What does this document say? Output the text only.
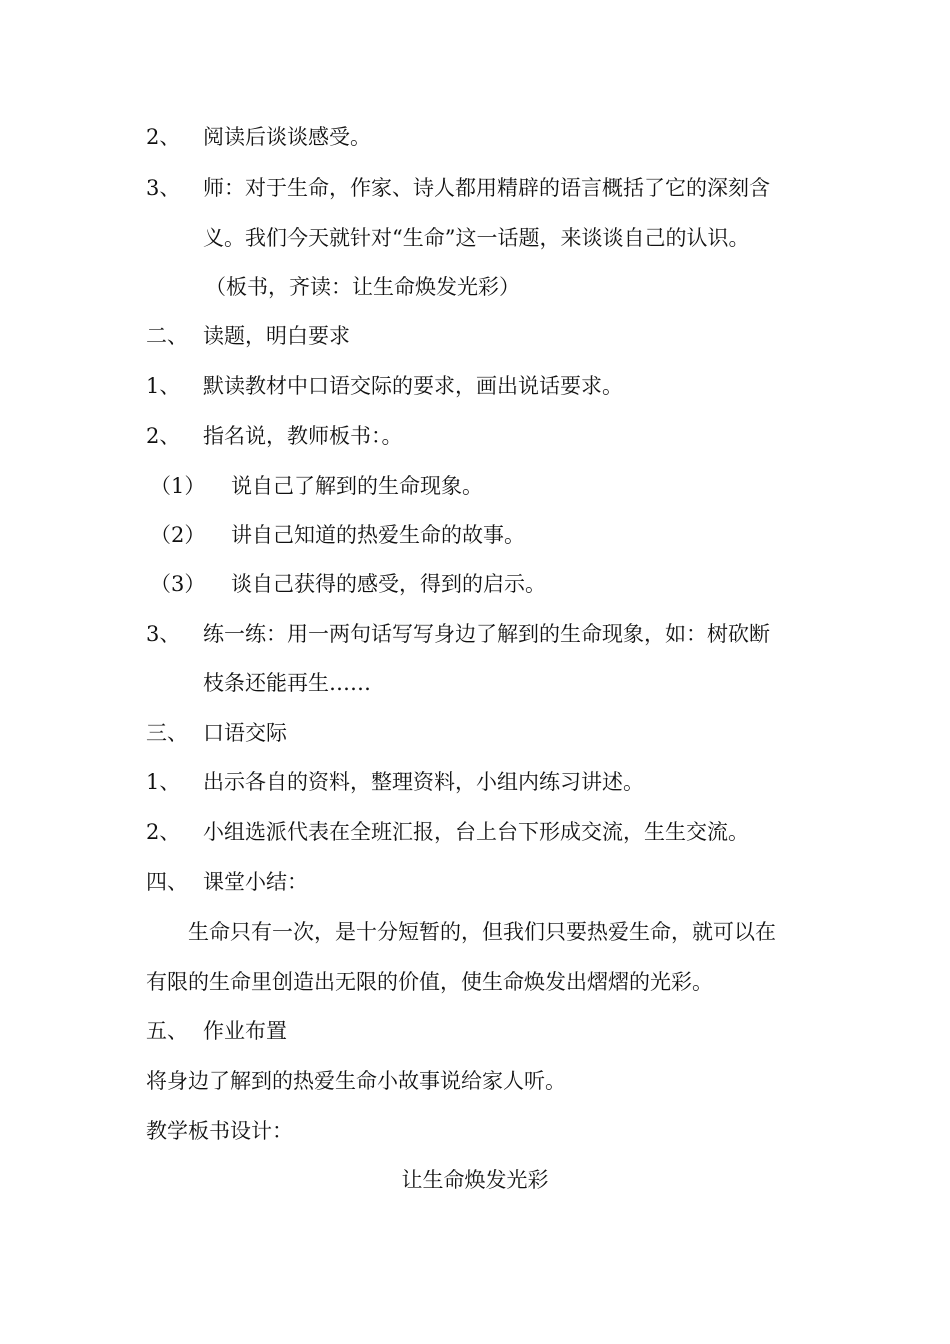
2、 阅读后谈谈感受。
3、 师：对于生命，作家、诗人都用精辟的语言概括了它的深刻含
义。我们今天就针对“生命”这一话题，来谈谈自己的认识。
（板书，齐读：让生命焕发光彩）
二、 读题，明白要求
1、 默读教材中口语交际的要求，画出说话要求。
2、 指名说，教师板书：。
（1） 说自己了解到的生命现象。
（2） 讲自己知道的热爱生命的故事。
（3） 谈自己获得的感受，得到的启示。
3、 练一练：用一两句话写写身边了解到的生命现象，如：树砍断
枝条还能再生……
三、 口语交际
1、 出示各自的资料，整理资料，小组内练习讲述。
2、 小组选派代表在全班汇报，台上台下形成交流，生生交流。
四、 课堂小结：
生命只有一次，是十分短暂的，但我们只要热爱生命，就可以在
有限的生命里创造出无限的价值，使生命焕发出熠熠的光彩。
五、 作业布置
将身边了解到的热爱生命小故事说给家人听。
教学板书设计：
让生命焕发光彩
